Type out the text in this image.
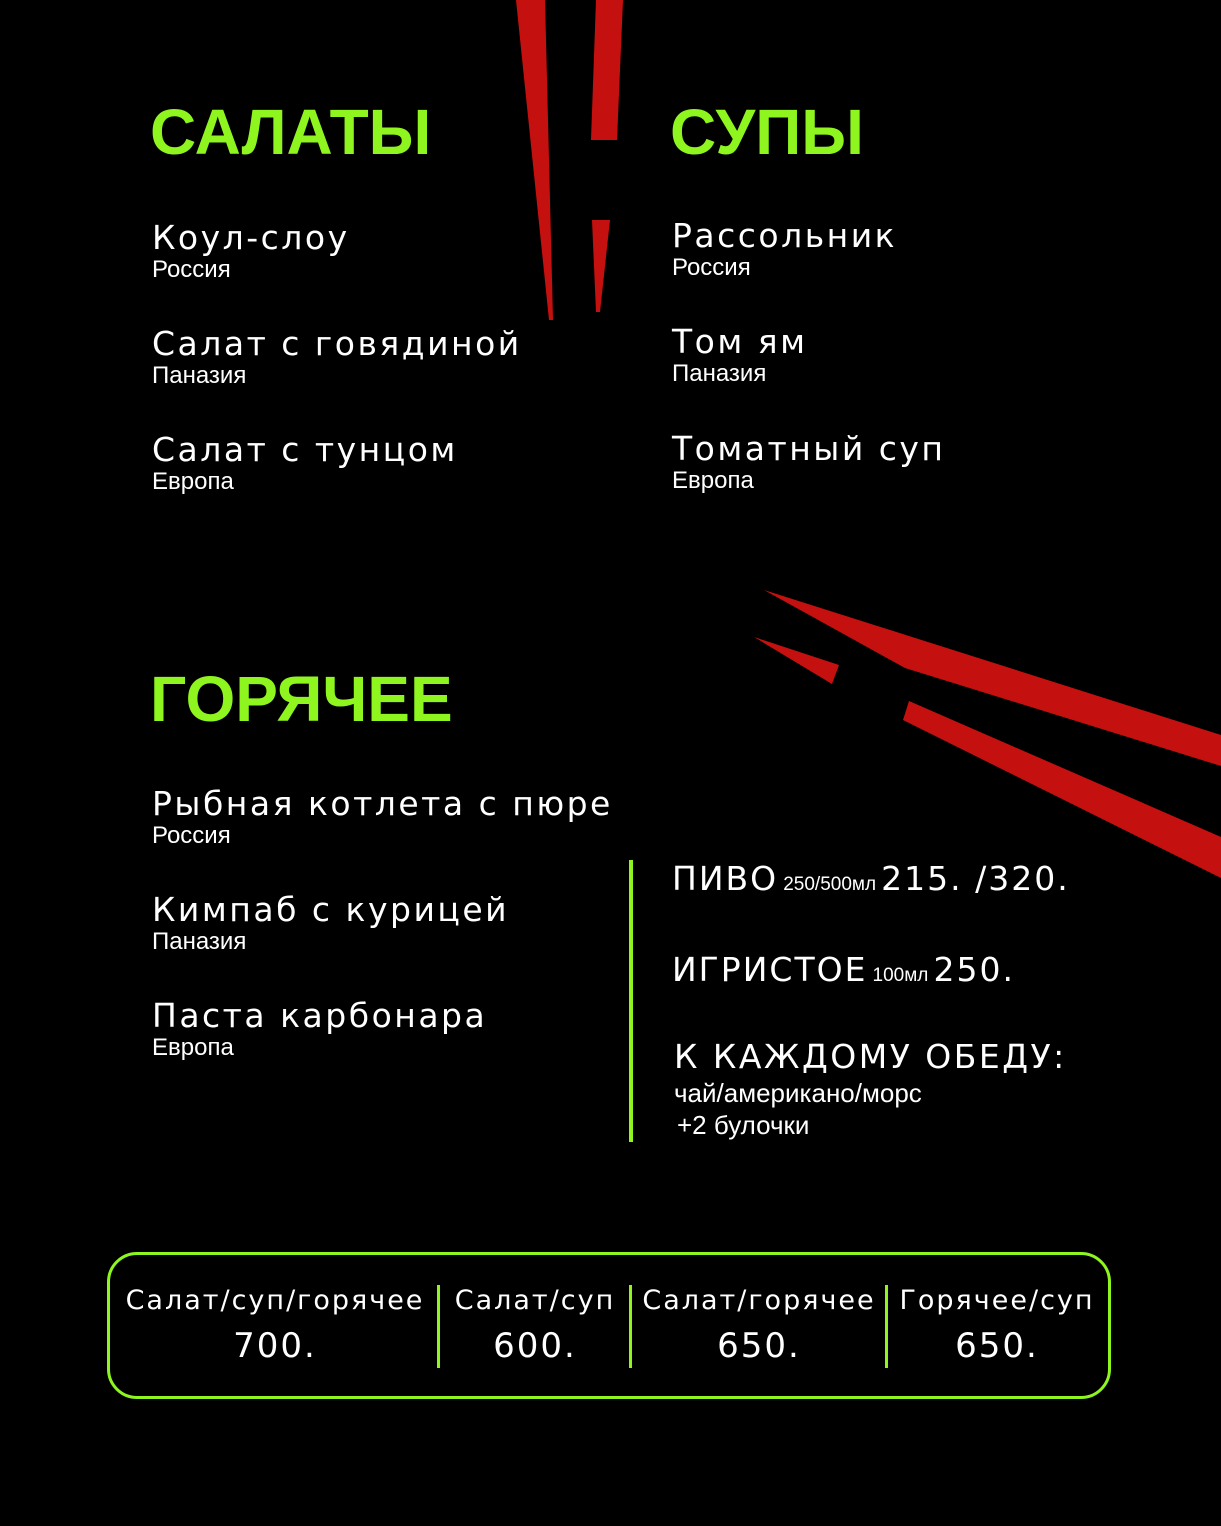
САЛАТЫ
Коул-слоу
Россия
Салат с говядиной
Паназия
Салат с тунцом
Европа
СУПЫ
Рассольник
Россия
Том ям
Паназия
Томатный суп
Европа
ГОРЯЧЕЕ
Рыбная котлета с пюре
Россия
Кимпаб с курицей
Паназия
Паста карбонара
Европа
ПИВО 250/500мл 215. /320.
ИГРИСТОЕ 100мл 250.
К КАЖДОМУ ОБЕДУ:
чай/американо/морс
+2 булочки
Салат/суп/горячее
700.
Салат/суп
600.
Салат/горячее
650.
Горячее/суп
650.
